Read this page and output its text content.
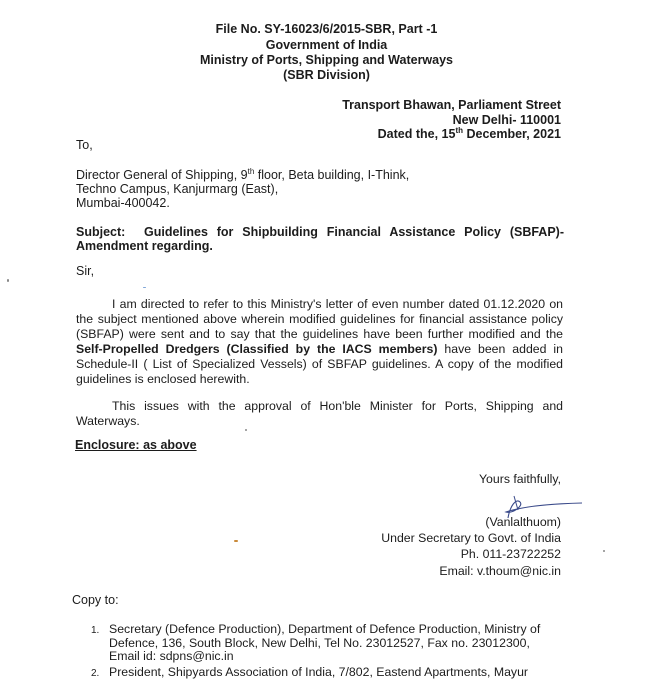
File No. SY-16023/6/2015-SBR, Part -1
Government of India
Ministry of Ports, Shipping and Waterways
(SBR Division)
Transport Bhawan, Parliament Street
New Delhi- 110001
Dated the, 15th December, 2021
To,
Director General of Shipping, 9th floor, Beta building, I-Think,
Techno Campus, Kanjurmarg (East),
Mumbai-400042.
Subject: Guidelines for Shipbuilding Financial Assistance Policy (SBFAP)-
Amendment regarding.
Sir,
I am directed to refer to this Ministry's letter of even number dated 01.12.2020 on
the subject mentioned above wherein modified guidelines for financial assistance policy
(SBFAP) were sent and to say that the guidelines have been further modified and the
Self-Propelled Dredgers (Classified by the IACS members) have been added in
Schedule-II ( List of Specialized Vessels) of SBFAP guidelines. A copy of the modified
guidelines is enclosed herewith.
This issues with the approval of Hon'ble Minister for Ports, Shipping and
Waterways.
Enclosure: as above
Yours faithfully,
(Vanlalthuom)
Under Secretary to Govt. of India
Ph. 011-23722252
Email: v.thoum@nic.in
Copy to:
1. Secretary (Defence Production), Department of Defence Production, Ministry of
Defence, 136, South Block, New Delhi, Tel No. 23012527, Fax no. 23012300,
Email id: sdpns@nic.in
2. President, Shipyards Association of India, 7/802, Eastend Apartments, Mayur
